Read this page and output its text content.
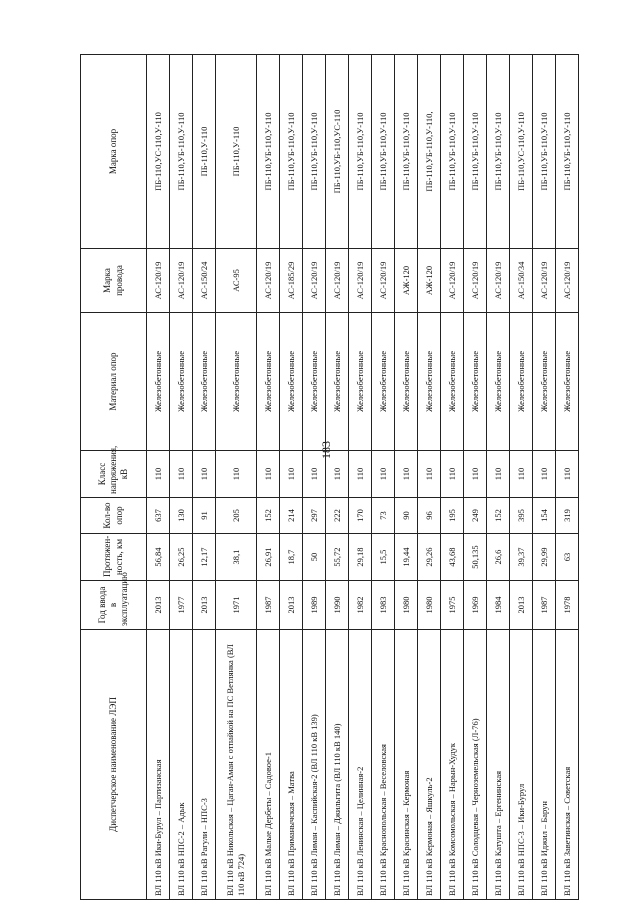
183
Диспетчерское наименование ЛЭП	Год ввода в эксплуатацию	Протяжен-ность, км	Кол-во опор	Класс напряжения, кВ	Материал опор	Марка провода	Марка опор
ВЛ 110 кВ Ики-Бурул – Партизанская	2013	56,84	637	110	Железобетонные	АС-120/19	ПБ-110,УС-110,У-110
ВЛ 110 кВ НПС-2 – Адык	1977	26,25	130	110	Железобетонные	АС-120/19	ПБ-110,УБ-110,У-110
ВЛ 110 кВ Рагули – НПС-3	2013	12,17	91	110	Железобетонные	АС-150/24	ПБ-110,У-110
ВЛ 110 кВ Никольская – Цаган-Аман с отпайкой на ПС Ветлянка (ВЛ 110 кВ 724)	1971	38,1	205	110	Железобетонные	АС-95	ПБ-110,У-110
ВЛ 110 кВ Малые Дербеты – Садовое-1	1987	26,91	152	110	Железобетонные	АС-120/19	ПБ-110,УБ-110,У-110
ВЛ 110 кВ Приманычская – Матва	2013	18,7	214	110	Железобетонные	АС-185/29	ПБ-110,УБ-110,У-110
ВЛ 110 кВ Лиман – Каспийская-2 (ВЛ 110 кВ 139)	1989	50	297	110	Железобетонные	АС-120/19	ПБ-110,УБ-110,У-110
ВЛ 110 кВ Лиман – Джильгита (ВЛ 110 кВ 140)	1990	55,72	222	110	Железобетонные	АС-120/19	ПБ-110,УБ-110,УС-110
ВЛ 110 кВ Ленинская – Целинная-2	1982	29,18	170	110	Железобетонные	АС-120/19	ПБ-110,УБ-110,У-110
ВЛ 110 кВ Краснопольская – Веселовская	1983	15,5	73	110	Железобетонные	АС-120/19	ПБ-110,УБ-110,У-110
ВЛ 110 кВ Красинская – Кермоная	1980	19,44	90	110	Железобетонные	АЖ-120	ПБ-110,УБ-110,У-110
ВЛ 110 кВ Кермоная – Яшкуль-2	1980	29,26	96	110	Железобетонные	АЖ-120	ПБ-110,УБ-110,У-110,
ВЛ 110 кВ Комсомольская – Нарын-Худук	1975	43,68	195	110	Железобетонные	АС-120/19	ПБ-110,УБ-110,У-110
ВЛ 110 кВ Солодцевая – Черноземельская (Л-76)	1969	50,135	249	110	Железобетонные	АС-120/19	ПБ-110,УБ-110,У-110
ВЛ 110 кВ Катушта – Ергенинская	1984	26,6	152	110	Железобетонные	АС-120/19	ПБ-110,УБ-110,У-110
ВЛ 110 кВ НПС-3 – Ики-Бурул	2013	39,37	395	110	Железобетонные	АС-150/34	ПБ-110,УС-110,У-110
ВЛ 110 кВ Иджил – Барун	1987	29,99	154	110	Железобетонные	АС-120/19	ПБ-110,УБ-110,У-110
ВЛ 110 кВ Заветинская – Советская	1978	63	319	110	Железобетонные	АС-120/19	ПБ-110,УБ-110,У-110
